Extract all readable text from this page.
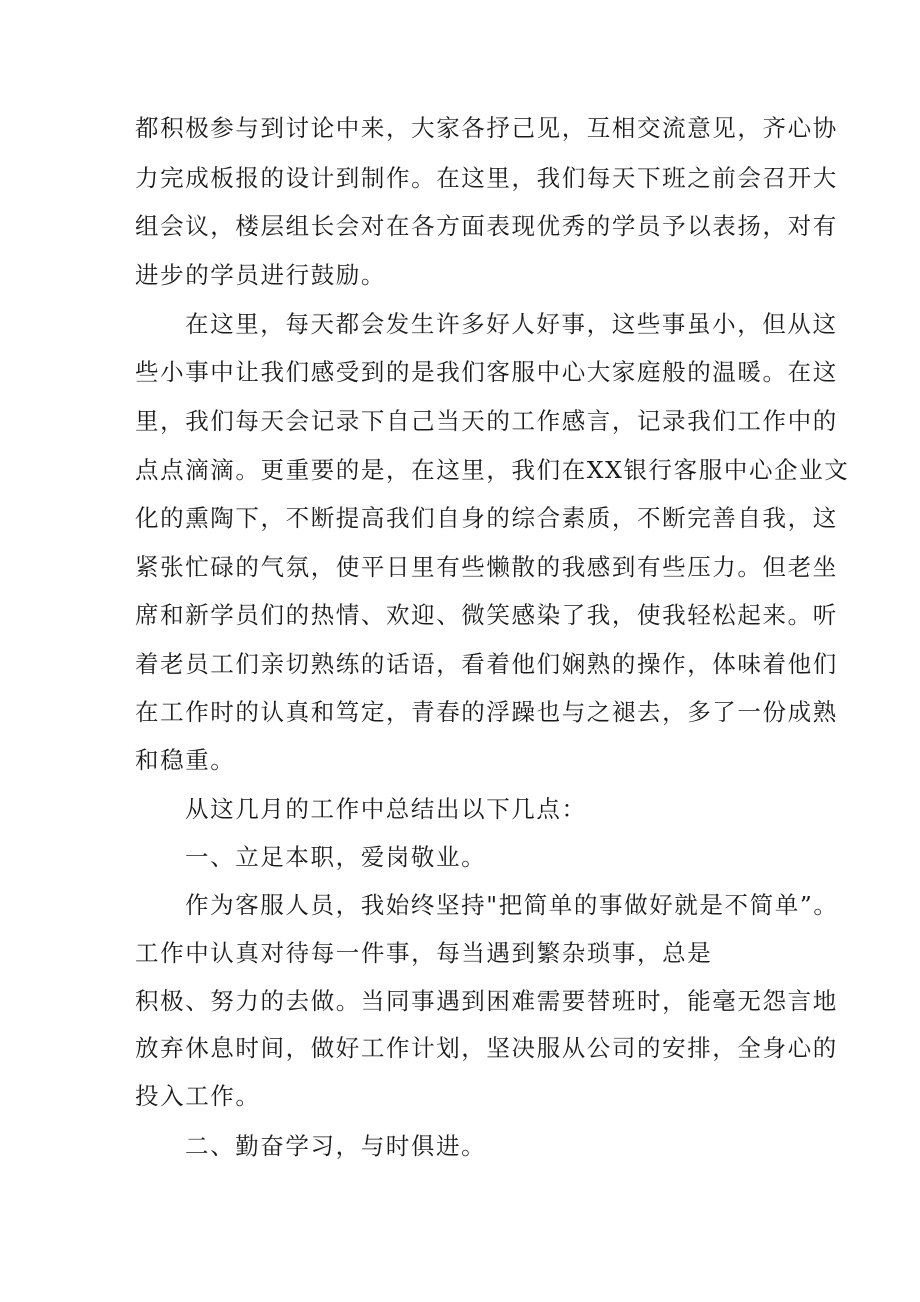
都积极参与到讨论中来，大家各抒己见，互相交流意见，齐心协
力完成板报的设计到制作。在这里，我们每天下班之前会召开大
组会议，楼层组长会对在各方面表现优秀的学员予以表扬，对有
进步的学员进行鼓励。
在这里，每天都会发生许多好人好事，这些事虽小，但从这
些小事中让我们感受到的是我们客服中心大家庭般的温暖。在这
里，我们每天会记录下自己当天的工作感言，记录我们工作中的
点点滴滴。更重要的是，在这里，我们在XX银行客服中心企业文
化的熏陶下，不断提高我们自身的综合素质，不断完善自我，这
紧张忙碌的气氛，使平日里有些懒散的我感到有些压力。但老坐
席和新学员们的热情、欢迎、微笑感染了我，使我轻松起来。听
着老员工们亲切熟练的话语，看着他们娴熟的操作，体味着他们
在工作时的认真和笃定，青春的浮躁也与之褪去，多了一份成熟
和稳重。
从这几月的工作中总结出以下几点：
一、立足本职，爱岗敬业。
作为客服人员，我始终坚持"把简单的事做好就是不简单”。
工作中认真对待每一件事，每当遇到繁杂琐事，总是
积极、努力的去做。当同事遇到困难需要替班时，能毫无怨言地
放弃休息时间，做好工作计划，坚决服从公司的安排，全身心的
投入工作。
二、勤奋学习，与时俱进。
